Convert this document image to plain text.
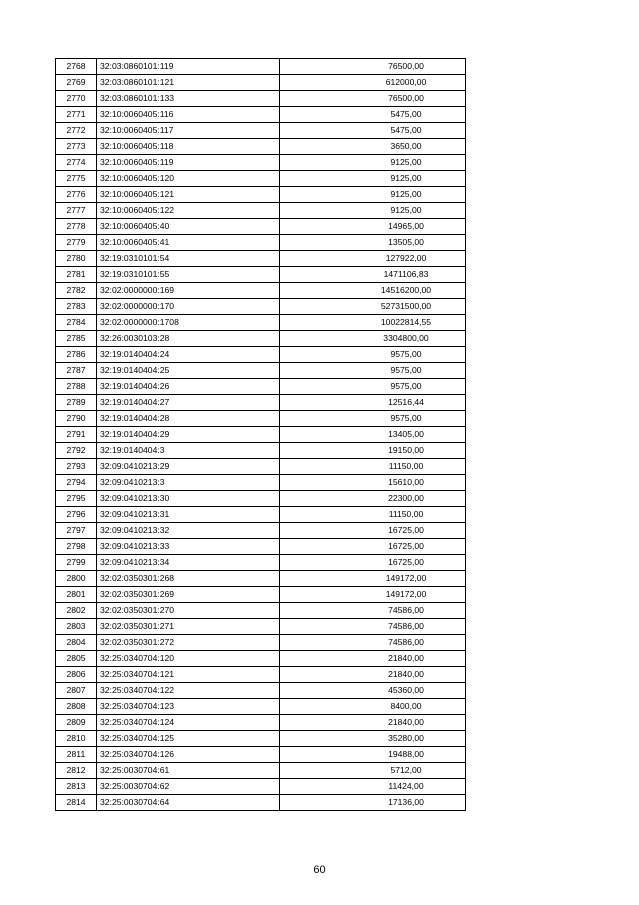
2768	32:03:0860101:119	76500,00
2769	32:03:0860101:121	612000,00
2770	32:03:0860101:133	76500,00
2771	32:10:0060405:116	5475,00
2772	32:10:0060405:117	5475,00
2773	32:10:0060405:118	3650,00
2774	32:10:0060405:119	9125,00
2775	32:10:0060405:120	9125,00
2776	32:10:0060405:121	9125,00
2777	32:10:0060405:122	9125,00
2778	32:10:0060405:40	14965,00
2779	32:10:0060405:41	13505,00
2780	32:19:0310101:54	127922,00
2781	32:19:0310101:55	1471106,83
2782	32:02:0000000:169	14516200,00
2783	32:02:0000000:170	52731500,00
2784	32:02:0000000:1708	10022814,55
2785	32:26:0030103:28	3304800,00
2786	32:19:0140404:24	9575,00
2787	32:19:0140404:25	9575,00
2788	32:19:0140404:26	9575,00
2789	32:19:0140404:27	12516,44
2790	32:19:0140404:28	9575,00
2791	32:19:0140404:29	13405,00
2792	32:19:0140404:3	19150,00
2793	32:09:0410213:29	11150,00
2794	32:09:0410213:3	15610,00
2795	32:09:0410213:30	22300,00
2796	32:09:0410213:31	11150,00
2797	32:09:0410213:32	16725,00
2798	32:09:0410213:33	16725,00
2799	32:09:0410213:34	16725,00
2800	32:02:0350301:268	149172,00
2801	32:02:0350301:269	149172,00
2802	32:02:0350301:270	74586,00
2803	32:02:0350301:271	74586,00
2804	32:02:0350301:272	74586,00
2805	32:25:0340704:120	21840,00
2806	32:25:0340704:121	21840,00
2807	32:25:0340704:122	45360,00
2808	32:25:0340704:123	8400,00
2809	32:25:0340704:124	21840,00
2810	32:25:0340704:125	35280,00
2811	32:25:0340704:126	19488,00
2812	32:25:0030704:61	5712,00
2813	32:25:0030704:62	11424,00
2814	32:25:0030704:64	17136,00
60
